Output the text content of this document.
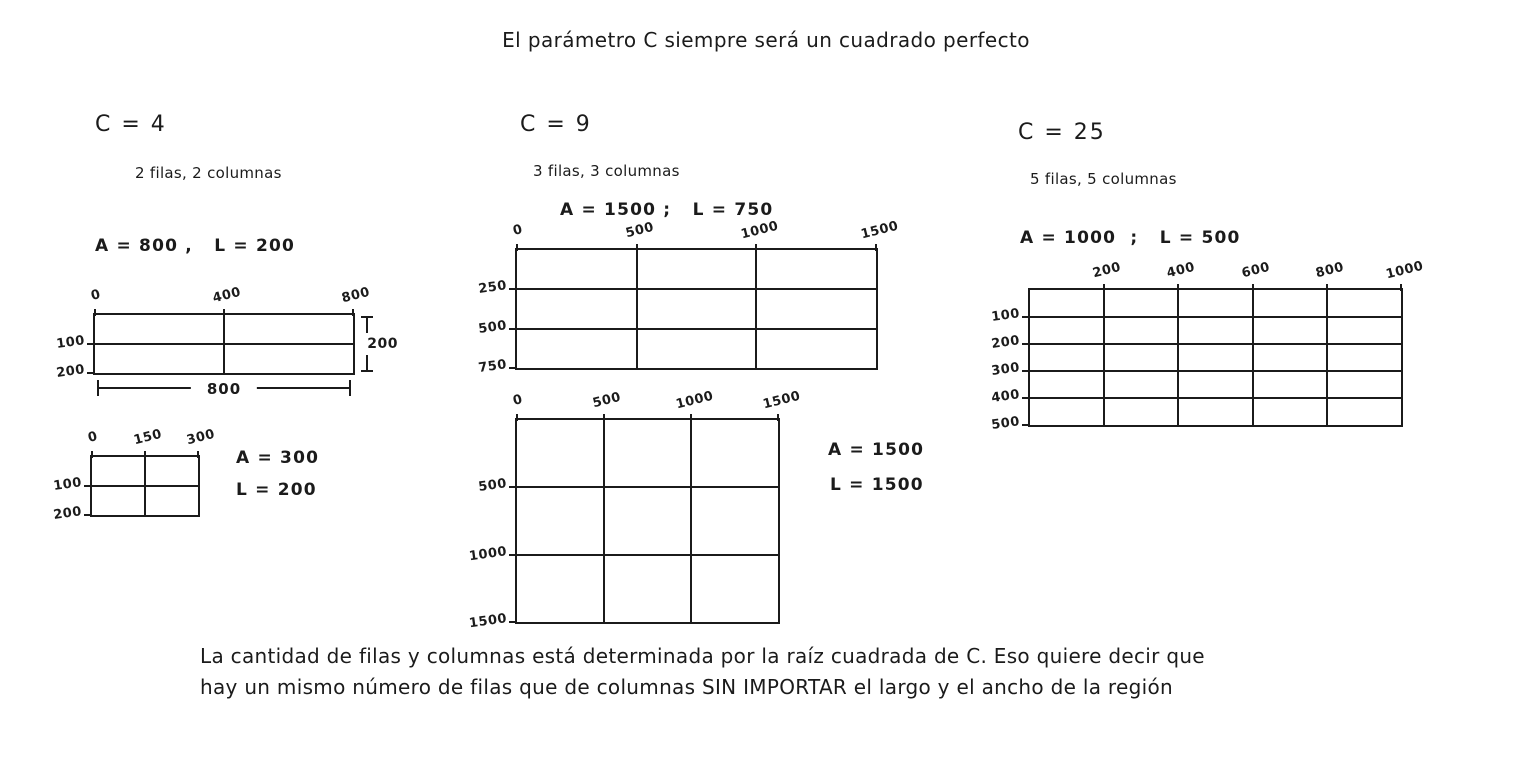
El parámetro C siempre será un cuadrado perfecto
C = 4
2 filas, 2 columnas
A = 800 ,   L = 200
0	400	800
100
200
200
800
0	150 300
100
200
A = 300
L = 200
C = 9
3 filas, 3 columnas
A = 1500 ;   L = 750
0	500	1000	1500
250
500
750
0	500	1000	1500
500
1000
1500
A = 1500
L = 1500
C = 25
5 filas, 5 columnas
A = 1000  ;   L = 500
200	400	600	800	1000
100
200
300
400
500
La cantidad de filas y columnas está determinada por la raíz cuadrada de C. Eso quiere decir que
hay un mismo número de filas que de columnas SIN IMPORTAR el largo y el ancho de la región
